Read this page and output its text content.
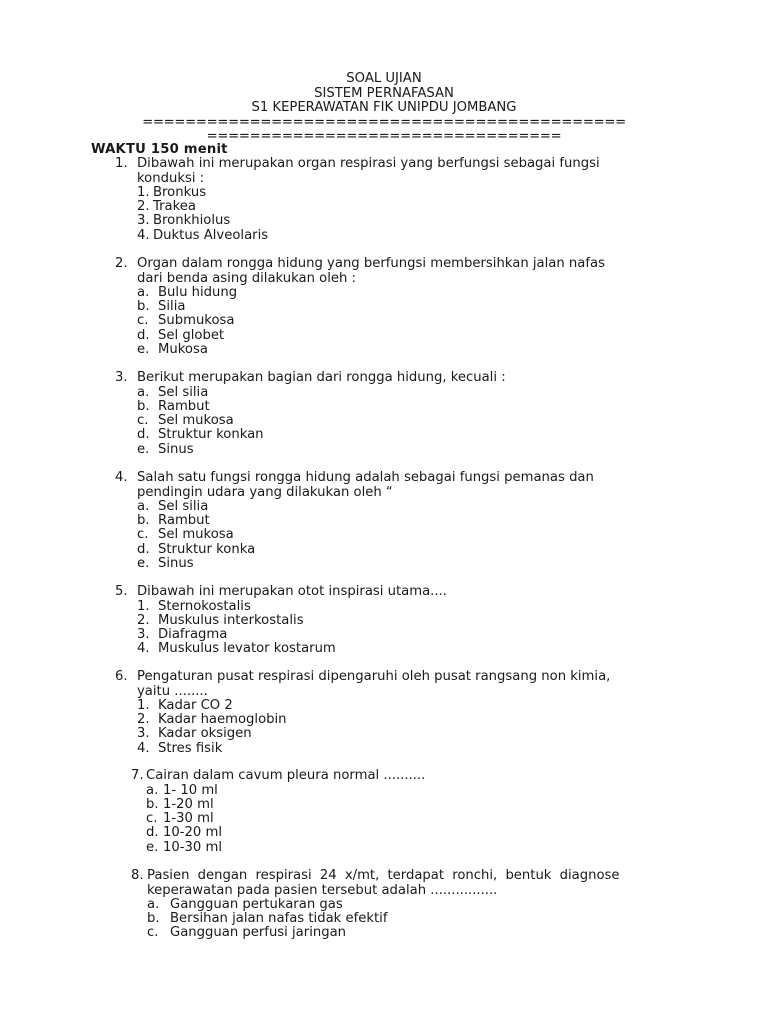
SOAL UJIAN
SISTEM PERNAFASAN
S1 KEPERAWATAN FIK UNIPDU JOMBANG
=============================================
=================================
WAKTU 150 menit
1. Dibawah ini merupakan organ respirasi yang berfungsi sebagai fungsi
konduksi :
1. Bronkus
2. Trakea
3. Bronkhiolus
4. Duktus Alveolaris
2. Organ dalam rongga hidung yang berfungsi membersihkan jalan nafas
dari benda asing dilakukan oleh :
a. Bulu hidung
b. Silia
c. Submukosa
d. Sel globet
e. Mukosa
3. Berikut merupakan bagian dari rongga hidung, kecuali :
a. Sel silia
b. Rambut
c. Sel mukosa
d. Struktur konkan
e. Sinus
4. Salah satu fungsi rongga hidung adalah sebagai fungsi pemanas dan
pendingin udara yang dilakukan oleh “
a. Sel silia
b. Rambut
c. Sel mukosa
d. Struktur konka
e. Sinus
5. Dibawah ini merupakan otot inspirasi utama....
1. Sternokostalis
2. Muskulus interkostalis
3. Diafragma
4. Muskulus levator kostarum
6. Pengaturan pusat respirasi dipengaruhi oleh pusat rangsang non kimia,
yaitu ........
1. Kadar CO 2
2. Kadar haemoglobin
3. Kadar oksigen
4. Stres fisik
7. Cairan dalam cavum pleura normal ..........
a. 1- 10 ml
b. 1-20 ml
c. 1-30 ml
d. 10-20 ml
e. 10-30 ml
8. Pasien dengan respirasi 24 x/mt, terdapat ronchi, bentuk diagnose
keperawatan pada pasien tersebut adalah ................
a. Gangguan pertukaran gas
b. Bersihan jalan nafas tidak efektif
c. Gangguan perfusi jaringan
